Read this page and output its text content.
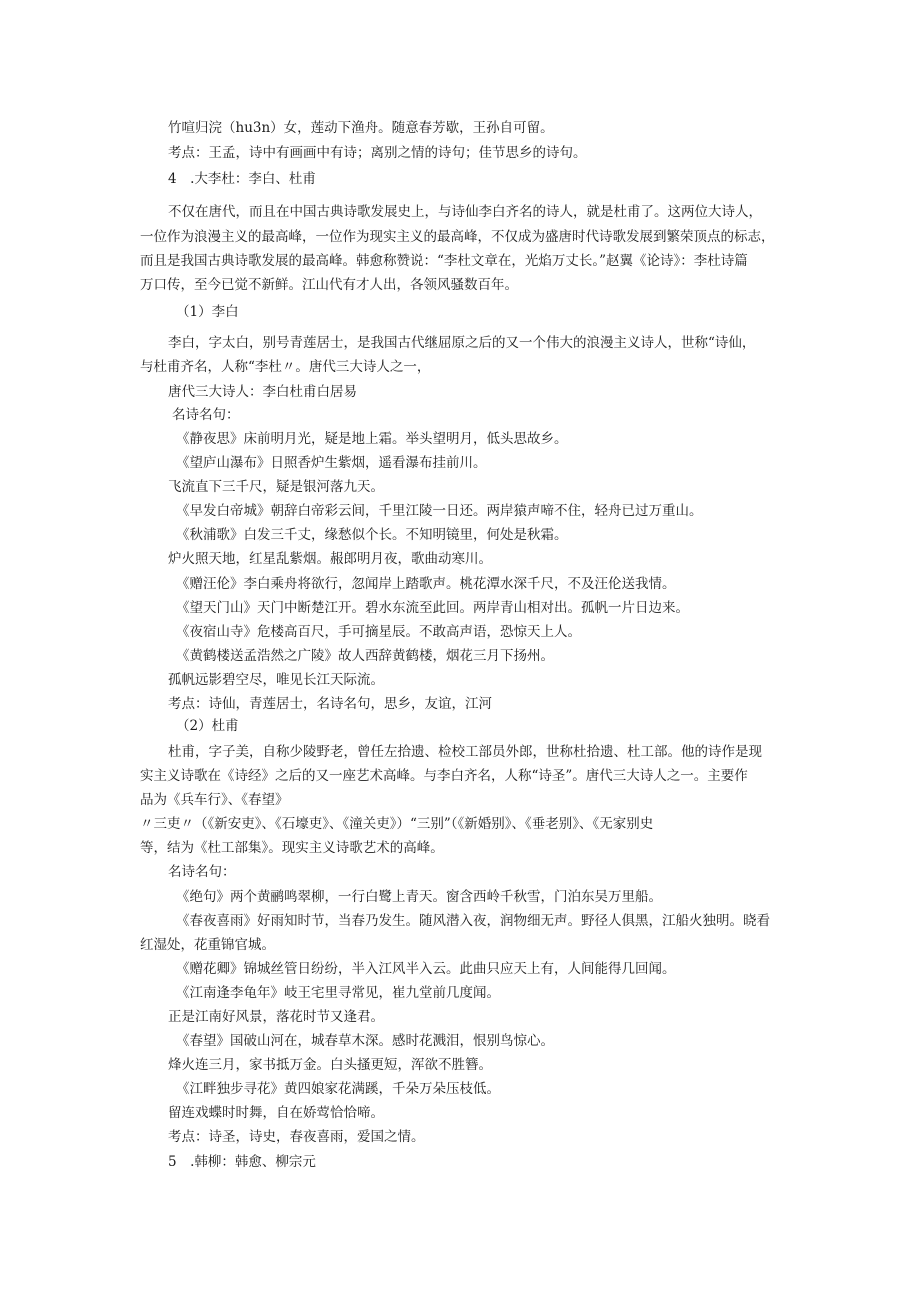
竹喧归浣（hu3n）女，莲动下渔舟。随意春芳歇，王孙自可留。

考点：王孟，诗中有画画中有诗；离别之情的诗句；佳节思乡的诗句。

4　.大李杜：李白、杜甫

不仅在唐代，而且在中国古典诗歌发展史上，与诗仙李白齐名的诗人，就是杜甫了。这两位大诗人，

一位作为浪漫主义的最高峰，一位作为现实主义的最高峰，不仅成为盛唐时代诗歌发展到繁荣顶点的标志，

而且是我国古典诗歌发展的最高峰。韩愈称赞说：“李杜文章在，光焰万丈长。”赵翼《论诗》：李杜诗篇

万口传，至今已觉不新鲜。江山代有才人出，各领风骚数百年。

（1）李白

李白，字太白，别号青莲居士，是我国古代继屈原之后的又一个伟大的浪漫主义诗人，世称“诗仙，

与杜甫齐名，人称“李杜〃。唐代三大诗人之一，

唐代三大诗人：李白杜甫白居易

名诗名句：

《静夜思》床前明月光，疑是地上霜。举头望明月，低头思故乡。

《望庐山瀑布》日照香炉生紫烟，遥看瀑布挂前川。

飞流直下三千尺，疑是银河落九天。

《早发白帝城》朝辞白帝彩云间，千里江陵一日还。两岸猿声啼不住，轻舟已过万重山。

《秋浦歌》白发三千丈，缘愁似个长。不知明镜里，何处是秋霜。

炉火照天地，红星乱紫烟。赧郎明月夜，歌曲动寒川。

《赠汪伦》李白乘舟将欲行，忽闻岸上踏歌声。桃花潭水深千尺，不及汪伦送我情。

《望天门山》天门中断楚江开。碧水东流至此回。两岸青山相对出。孤帆一片日边来。

《夜宿山寺》危楼高百尺，手可摘星辰。不敢高声语，恐惊天上人。

《黄鹤楼送孟浩然之广陵》故人西辞黄鹤楼，烟花三月下扬州。

孤帆远影碧空尽，唯见长江天际流。

考点：诗仙，青莲居士，名诗名句，思乡，友谊，江河

（2）杜甫

杜甫，字子美，自称少陵野老，曾任左拾遗、检校工部员外郎，世称杜拾遗、杜工部。他的诗作是现

实主义诗歌在《诗经》之后的又一座艺术高峰。与李白齐名，人称“诗圣”。唐代三大诗人之一。主要作

品为《兵车行》、《春望》

〃三吏〃（《新安吏》、《石壕吏》、《潼关吏》）“三别”（《新婚别》、《垂老别》、《无家别史

等，结为《杜工部集》。现实主义诗歌艺术的高峰。

名诗名句：

《绝句》两个黄鹂鸣翠柳，一行白鹭上青天。窗含西岭千秋雪，门泊东吴万里船。

《春夜喜雨》好雨知时节，当春乃发生。随风潜入夜，润物细无声。野径人俱黑，江船火独明。晓看

红湿处，花重锦官城。

《赠花卿》锦城丝管日纷纷，半入江风半入云。此曲只应天上有，人间能得几回闻。

《江南逢李龟年》岐王宅里寻常见，崔九堂前几度闻。

正是江南好风景，落花时节又逢君。

《春望》国破山河在，城春草木深。感时花溅泪，恨别鸟惊心。

烽火连三月，家书抵万金。白头搔更短，浑欲不胜簪。

《江畔独步寻花》黄四娘家花满蹊，千朵万朵压枝低。

留连戏蝶时时舞，自在娇莺恰恰啼。

考点：诗圣，诗史，春夜喜雨，爱国之情。

5　.韩柳：韩愈、柳宗元
